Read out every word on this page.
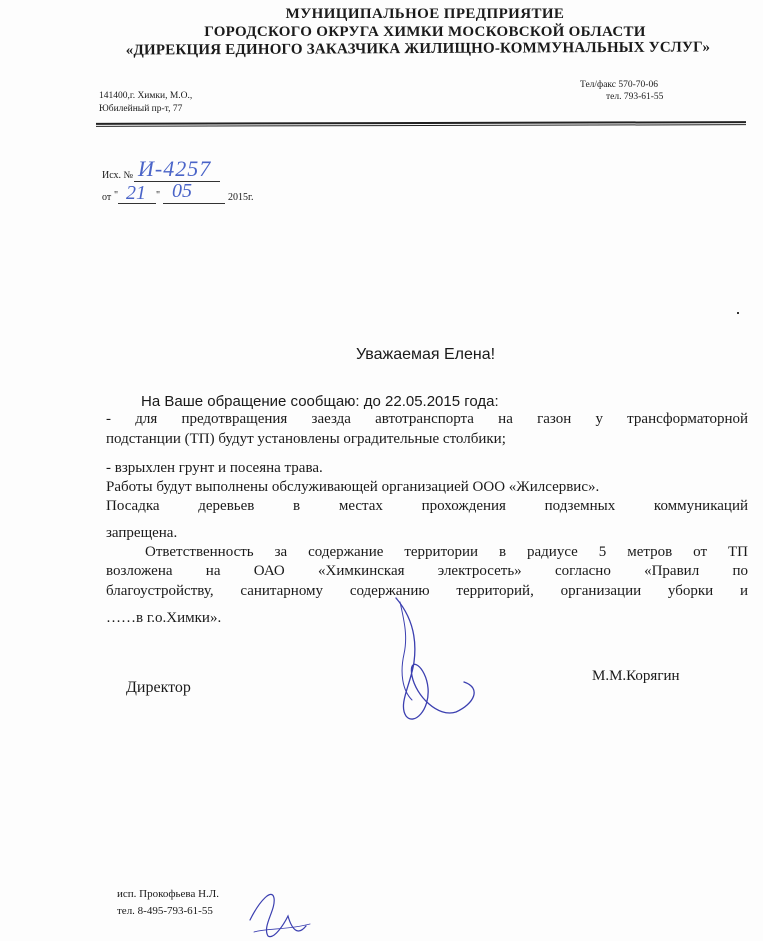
МУНИЦИПАЛЬНОЕ ПРЕДПРИЯТИЕ
ГОРОДСКОГО ОКРУГА ХИМКИ МОСКОВСКОЙ ОБЛАСТИ
«ДИРЕКЦИЯ ЕДИНОГО ЗАКАЗЧИКА ЖИЛИЩНО-КОММУНАЛЬНЫХ УСЛУГ»
141400,г. Химки, М.О.,
Юбилейный пр-т, 77
Тел/факс 570-70-06
тел. 793-61-55
Исх. № И-4257
от " 21 " 05	2015г.
Уважаемая Елена!
На Ваше обращение сообщаю: до 22.05.2015 года:
- для предотвращения заезда автотранспорта на газон у трансформаторной
подстанции (ТП) будут установлены оградительные столбики;
- взрыхлен грунт и посеяна трава.
Работы будут выполнены обслуживающей организацией ООО «Жилсервис».
Посадка деревьев в местах прохождения подземных коммуникаций
запрещена.
Ответственность за содержание территории в радиусе 5 метров от ТП
возложена на ОАО «Химкинская электросеть» согласно «Правил по
благоустройству, санитарному содержанию территорий, организации уборки и
……в г.о.Химки».
Директор
М.М.Корягин
исп. Прокофьева Н.Л.
тел. 8-495-793-61-55
